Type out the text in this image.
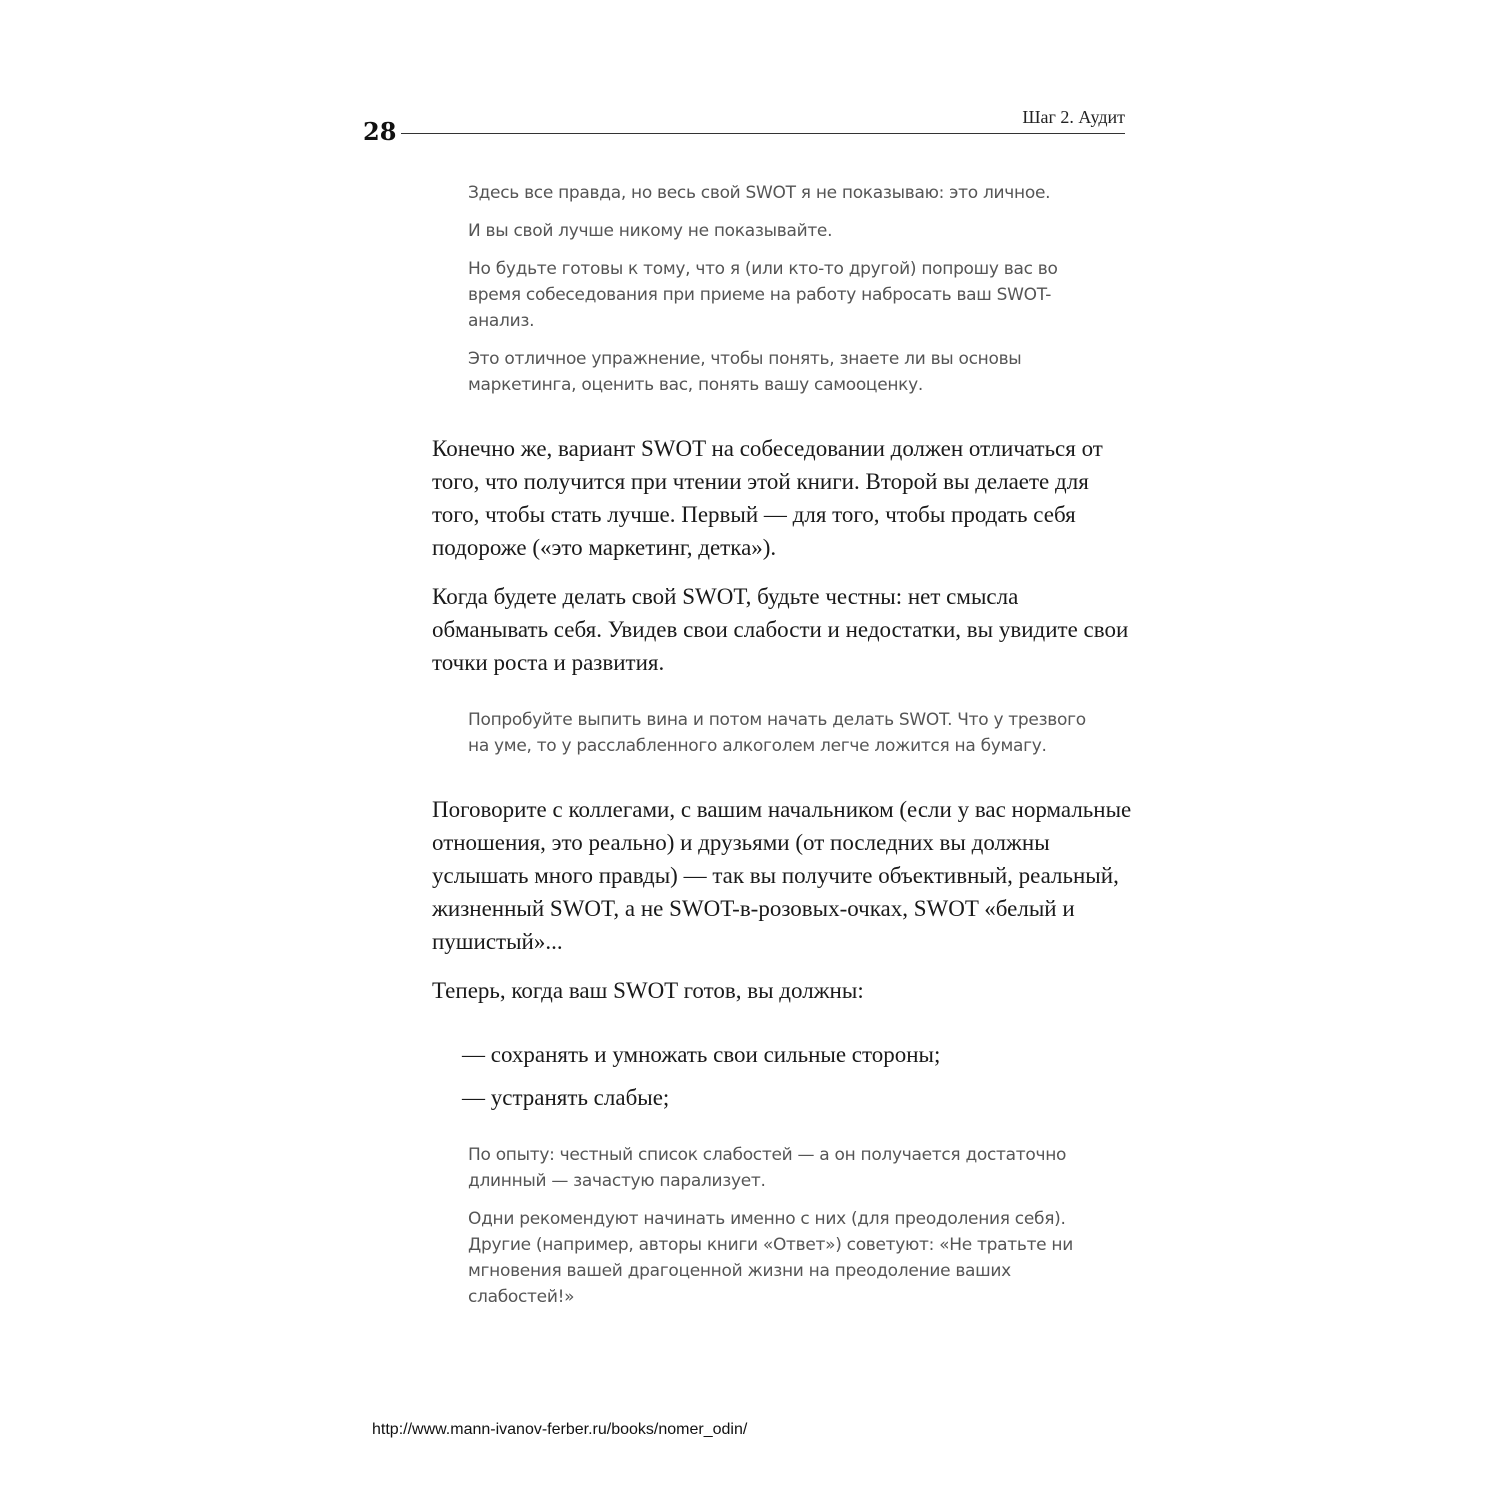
28	Шаг 2. Аудит

Здесь все правда, но весь свой SWOT я не показываю: это личное.

И вы свой лучше никому не показывайте.

Но будьте готовы к тому, что я (или кто-то другой) попрошу вас во время собеседования при приеме на работу набросать ваш SWOT-анализ.

Это отличное упражнение, чтобы понять, знаете ли вы основы маркетинга, оценить вас, понять вашу самооценку.

Конечно же, вариант SWOT на собеседовании должен отличаться от того, что получится при чтении этой книги. Второй вы делаете для того, чтобы стать лучше. Первый — для того, чтобы продать себя подороже («это маркетинг, детка»).

Когда будете делать свой SWOT, будьте честны: нет смысла обманывать себя. Увидев свои слабости и недостатки, вы увидите свои точки роста и развития.

Попробуйте выпить вина и потом начать делать SWOT. Что у трезвого на уме, то у расслабленного алкоголем легче ложится на бумагу.

Поговорите с коллегами, с вашим начальником (если у вас нормальные отношения, это реально) и друзьями (от последних вы должны услышать много правды) — так вы получите объективный, реальный, жизненный SWOT, а не SWOT-в-розовых-очках, SWOT «белый и пушистый»...

Теперь, когда ваш SWOT готов, вы должны:

— сохранять и умножать свои сильные стороны;
— устранять слабые;

По опыту: честный список слабостей — а он получается достаточно длинный — зачастую парализует.

Одни рекомендуют начинать именно с них (для преодоления себя). Другие (например, авторы книги «Ответ») советуют: «Не тратьте ни мгновения вашей драгоценной жизни на преодоление ваших слабостей!»

http://www.mann-ivanov-ferber.ru/books/nomer_odin/
